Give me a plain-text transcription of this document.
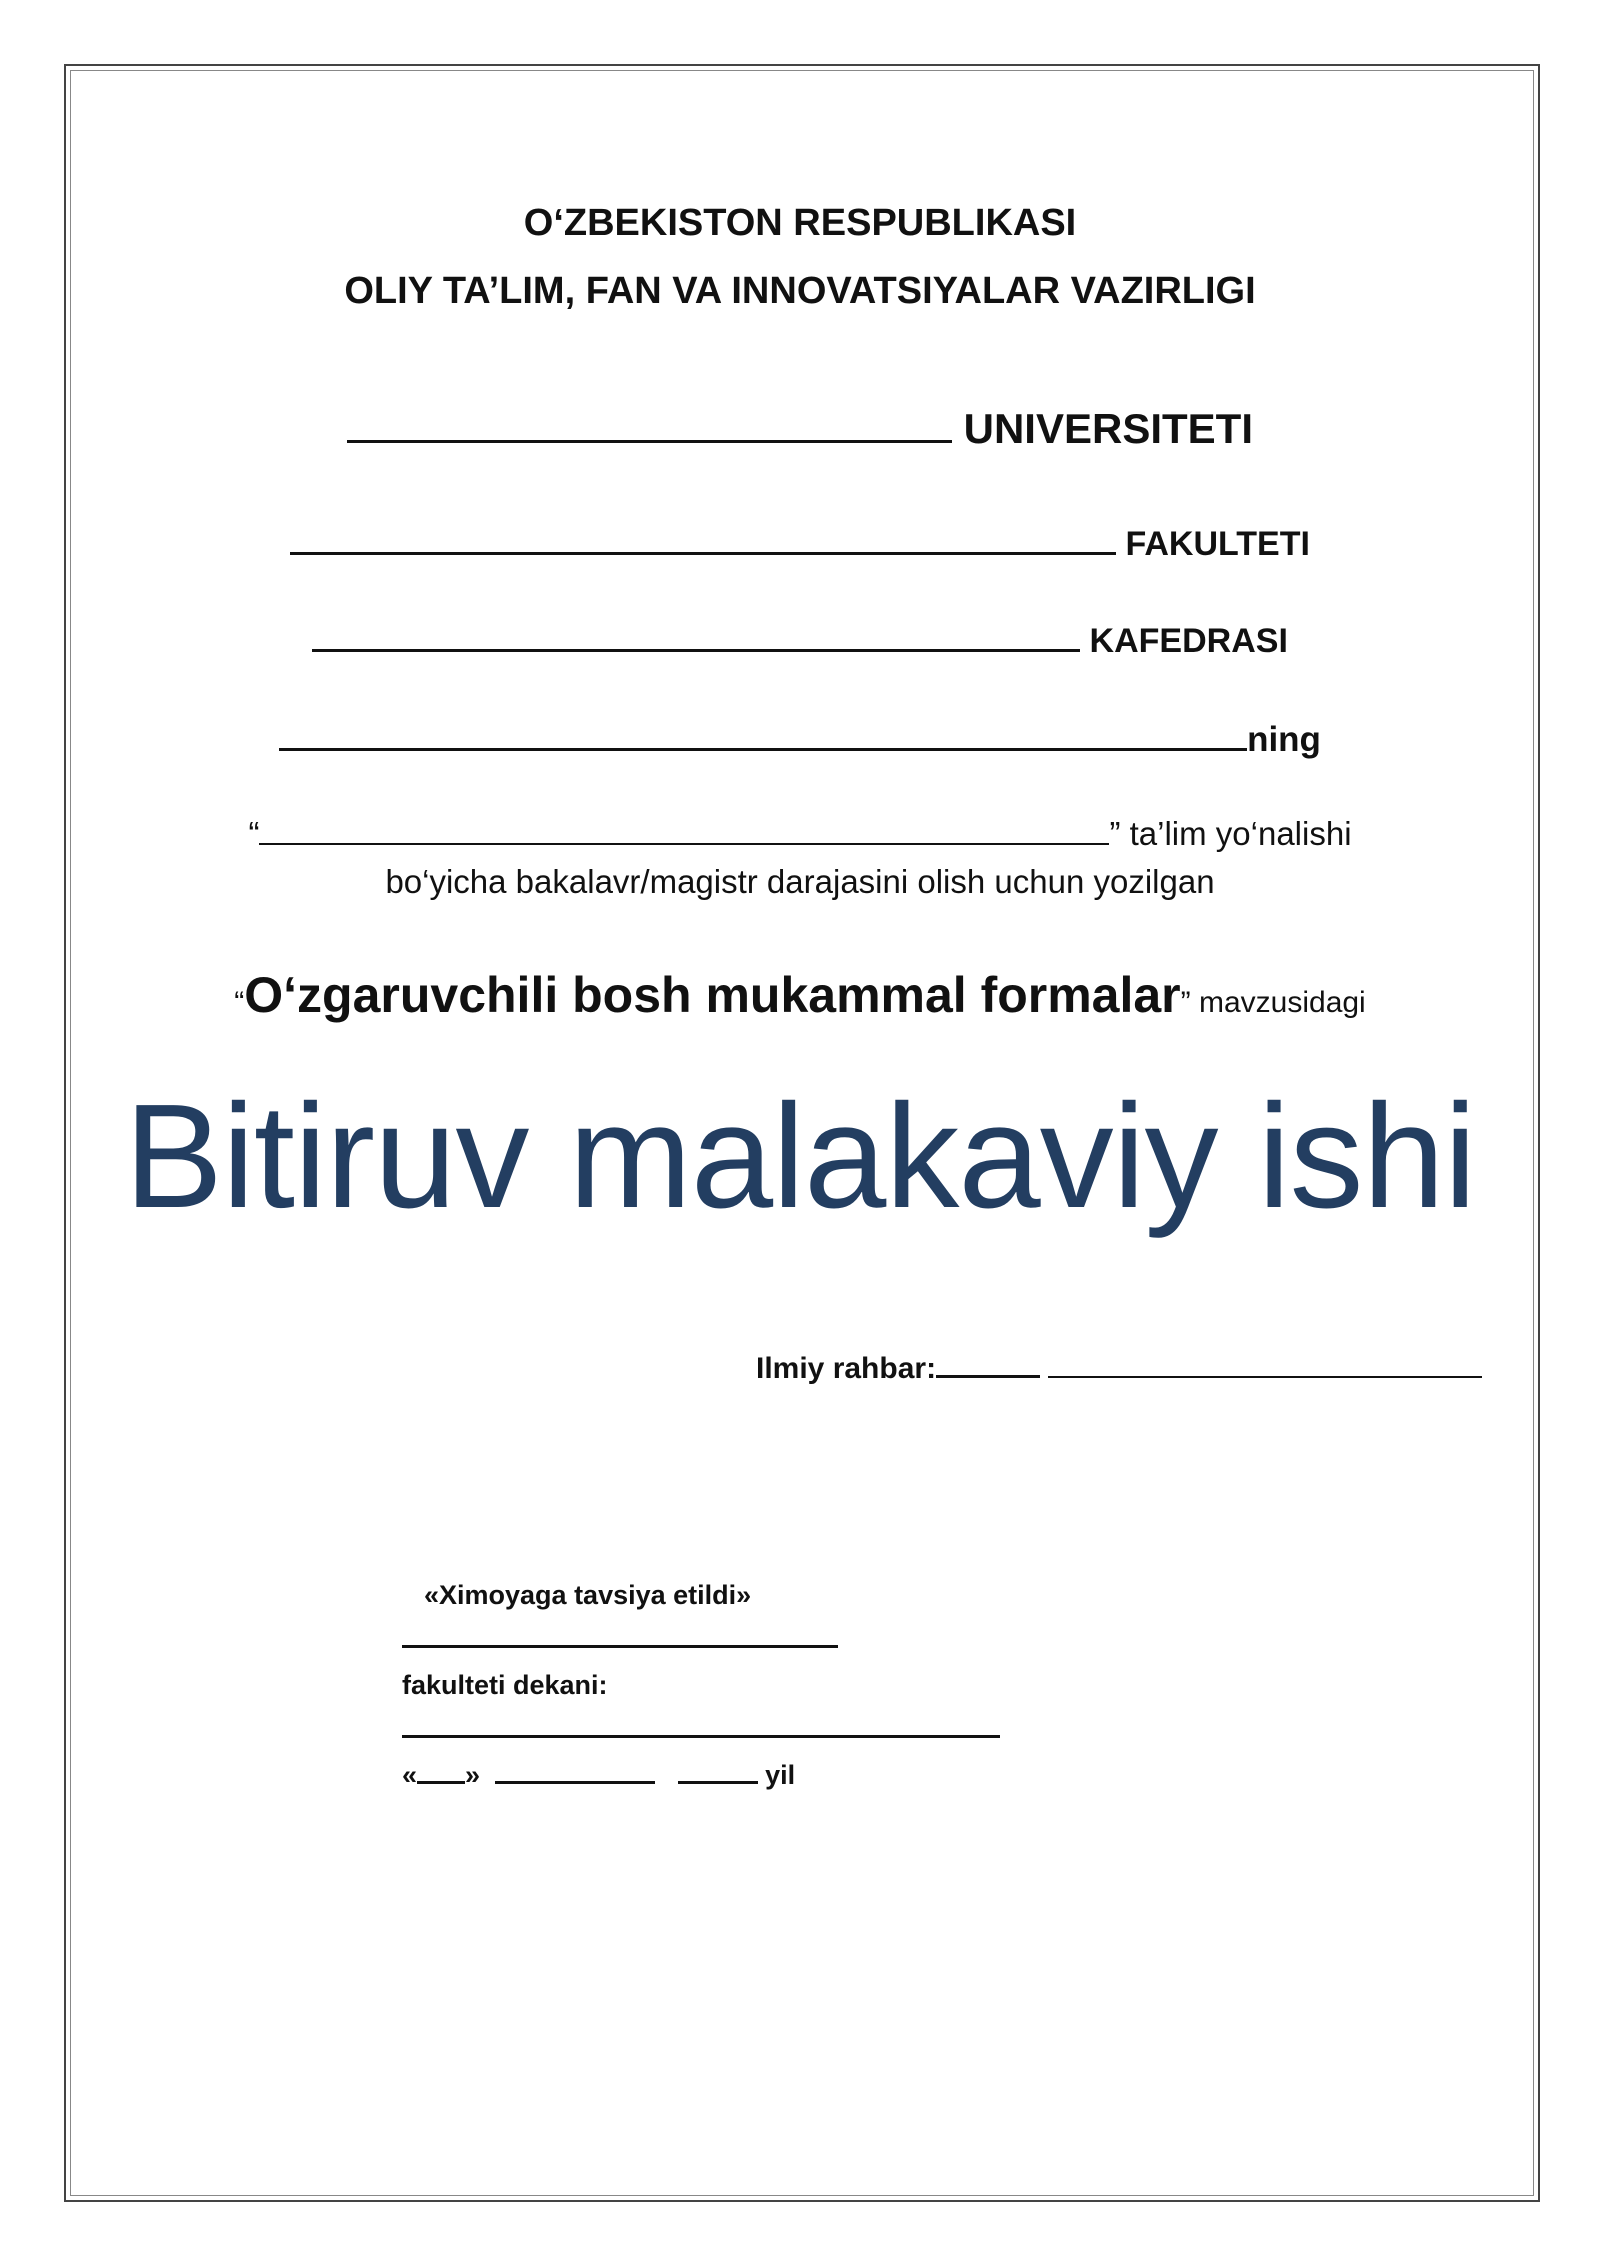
O‘ZBEKISTON RESPUBLIKASI
OLIY TA’LIM, FAN VA INNOVATSIYALAR VAZIRLIGI
UNIVERSITETI
FAKULTETI
KAFEDRASI
ning
“	” ta’lim yo‘nalishi
bo‘yicha bakalavr/magistr darajasini olish uchun yozilgan
“O‘zgaruvchili bosh mukammal formalar” mavzusidagi
Bitiruv malakaviy ishi
Ilmiy rahbar:
«Ximoyaga tavsiya etildi»
fakulteti dekani:
« »	yil
